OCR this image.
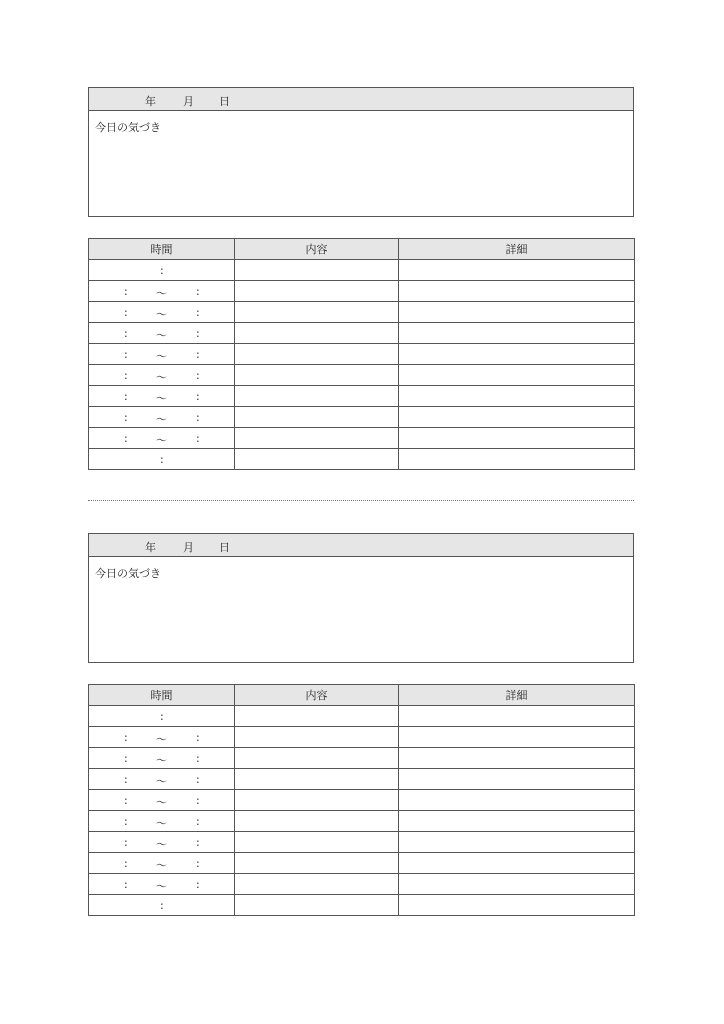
年 月 日
今日の気づき
時間	内容	詳細

:		

: 〜 :		

: 〜 :		

: 〜 :		

: 〜 :		

: 〜 :		

: 〜 :		

: 〜 :		

: 〜 :		

:		

年 月 日
今日の気づき
時間	内容	詳細

:		

: 〜 :		

: 〜 :		

: 〜 :		

: 〜 :		

: 〜 :		

: 〜 :		

: 〜 :		

: 〜 :		

:		
